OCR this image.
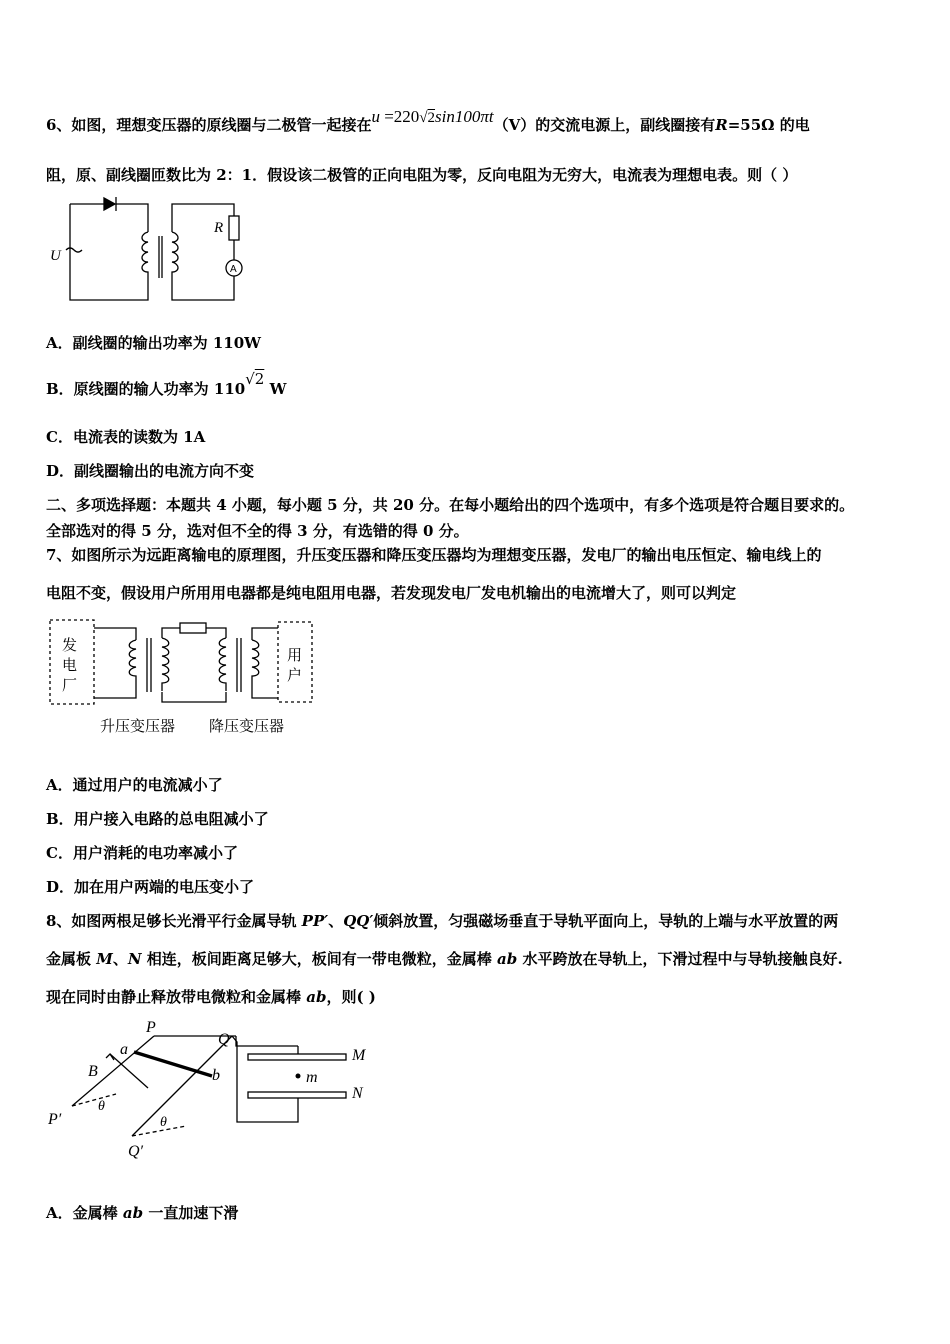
6、如图，理想变压器的原线圈与二极管一起接在u =220√2sin100πt（V）的交流电源上，副线圈接有R=55Ω 的电
阻，原、副线圈匝数比为 2：1．假设该二极管的正向电阻为零，反向电阻为无穷大，电流表为理想电表。则（ ）
U
R
A
A．副线圈的输出功率为 110W
B．原线圈的输人功率为 110√2 W
C．电流表的读数为 1A
D．副线圈输出的电流方向不变
二、多项选择题：本题共 4 小题，每小题 5 分，共 20 分。在每小题给出的四个选项中，有多个选项是符合题目要求的。
全部选对的得 5 分，选对但不全的得 3 分，有选错的得 0 分。
7、如图所示为远距离输电的原理图，升压变压器和降压变压器均为理想变压器，发电厂的输出电压恒定、输电线上的
电阻不变，假设用户所用用电器都是纯电阻用电器，若发现发电厂发电机输出的电流增大了，则可以判定
发
电
厂
用
户
升压变压器 降压变压器
A．通过用户的电流减小了
B．用户接入电路的总电阻减小了
C．用户消耗的电功率减小了
D．加在用户两端的电压变小了
8、如图两根足够长光滑平行金属导轨 PP′、QQ′倾斜放置，匀强磁场垂直于导轨平面向上，导轨的上端与水平放置的两
金属板 M、N 相连，板间距离足够大，板间有一带电微粒，金属棒 ab 水平跨放在导轨上，下滑过程中与导轨接触良好.
现在同时由静止释放带电微粒和金属棒 ab，则( )
P
Q
a
b
B
P′
Q′
θ
θ
M
N
m
A．金属棒 ab 一直加速下滑
